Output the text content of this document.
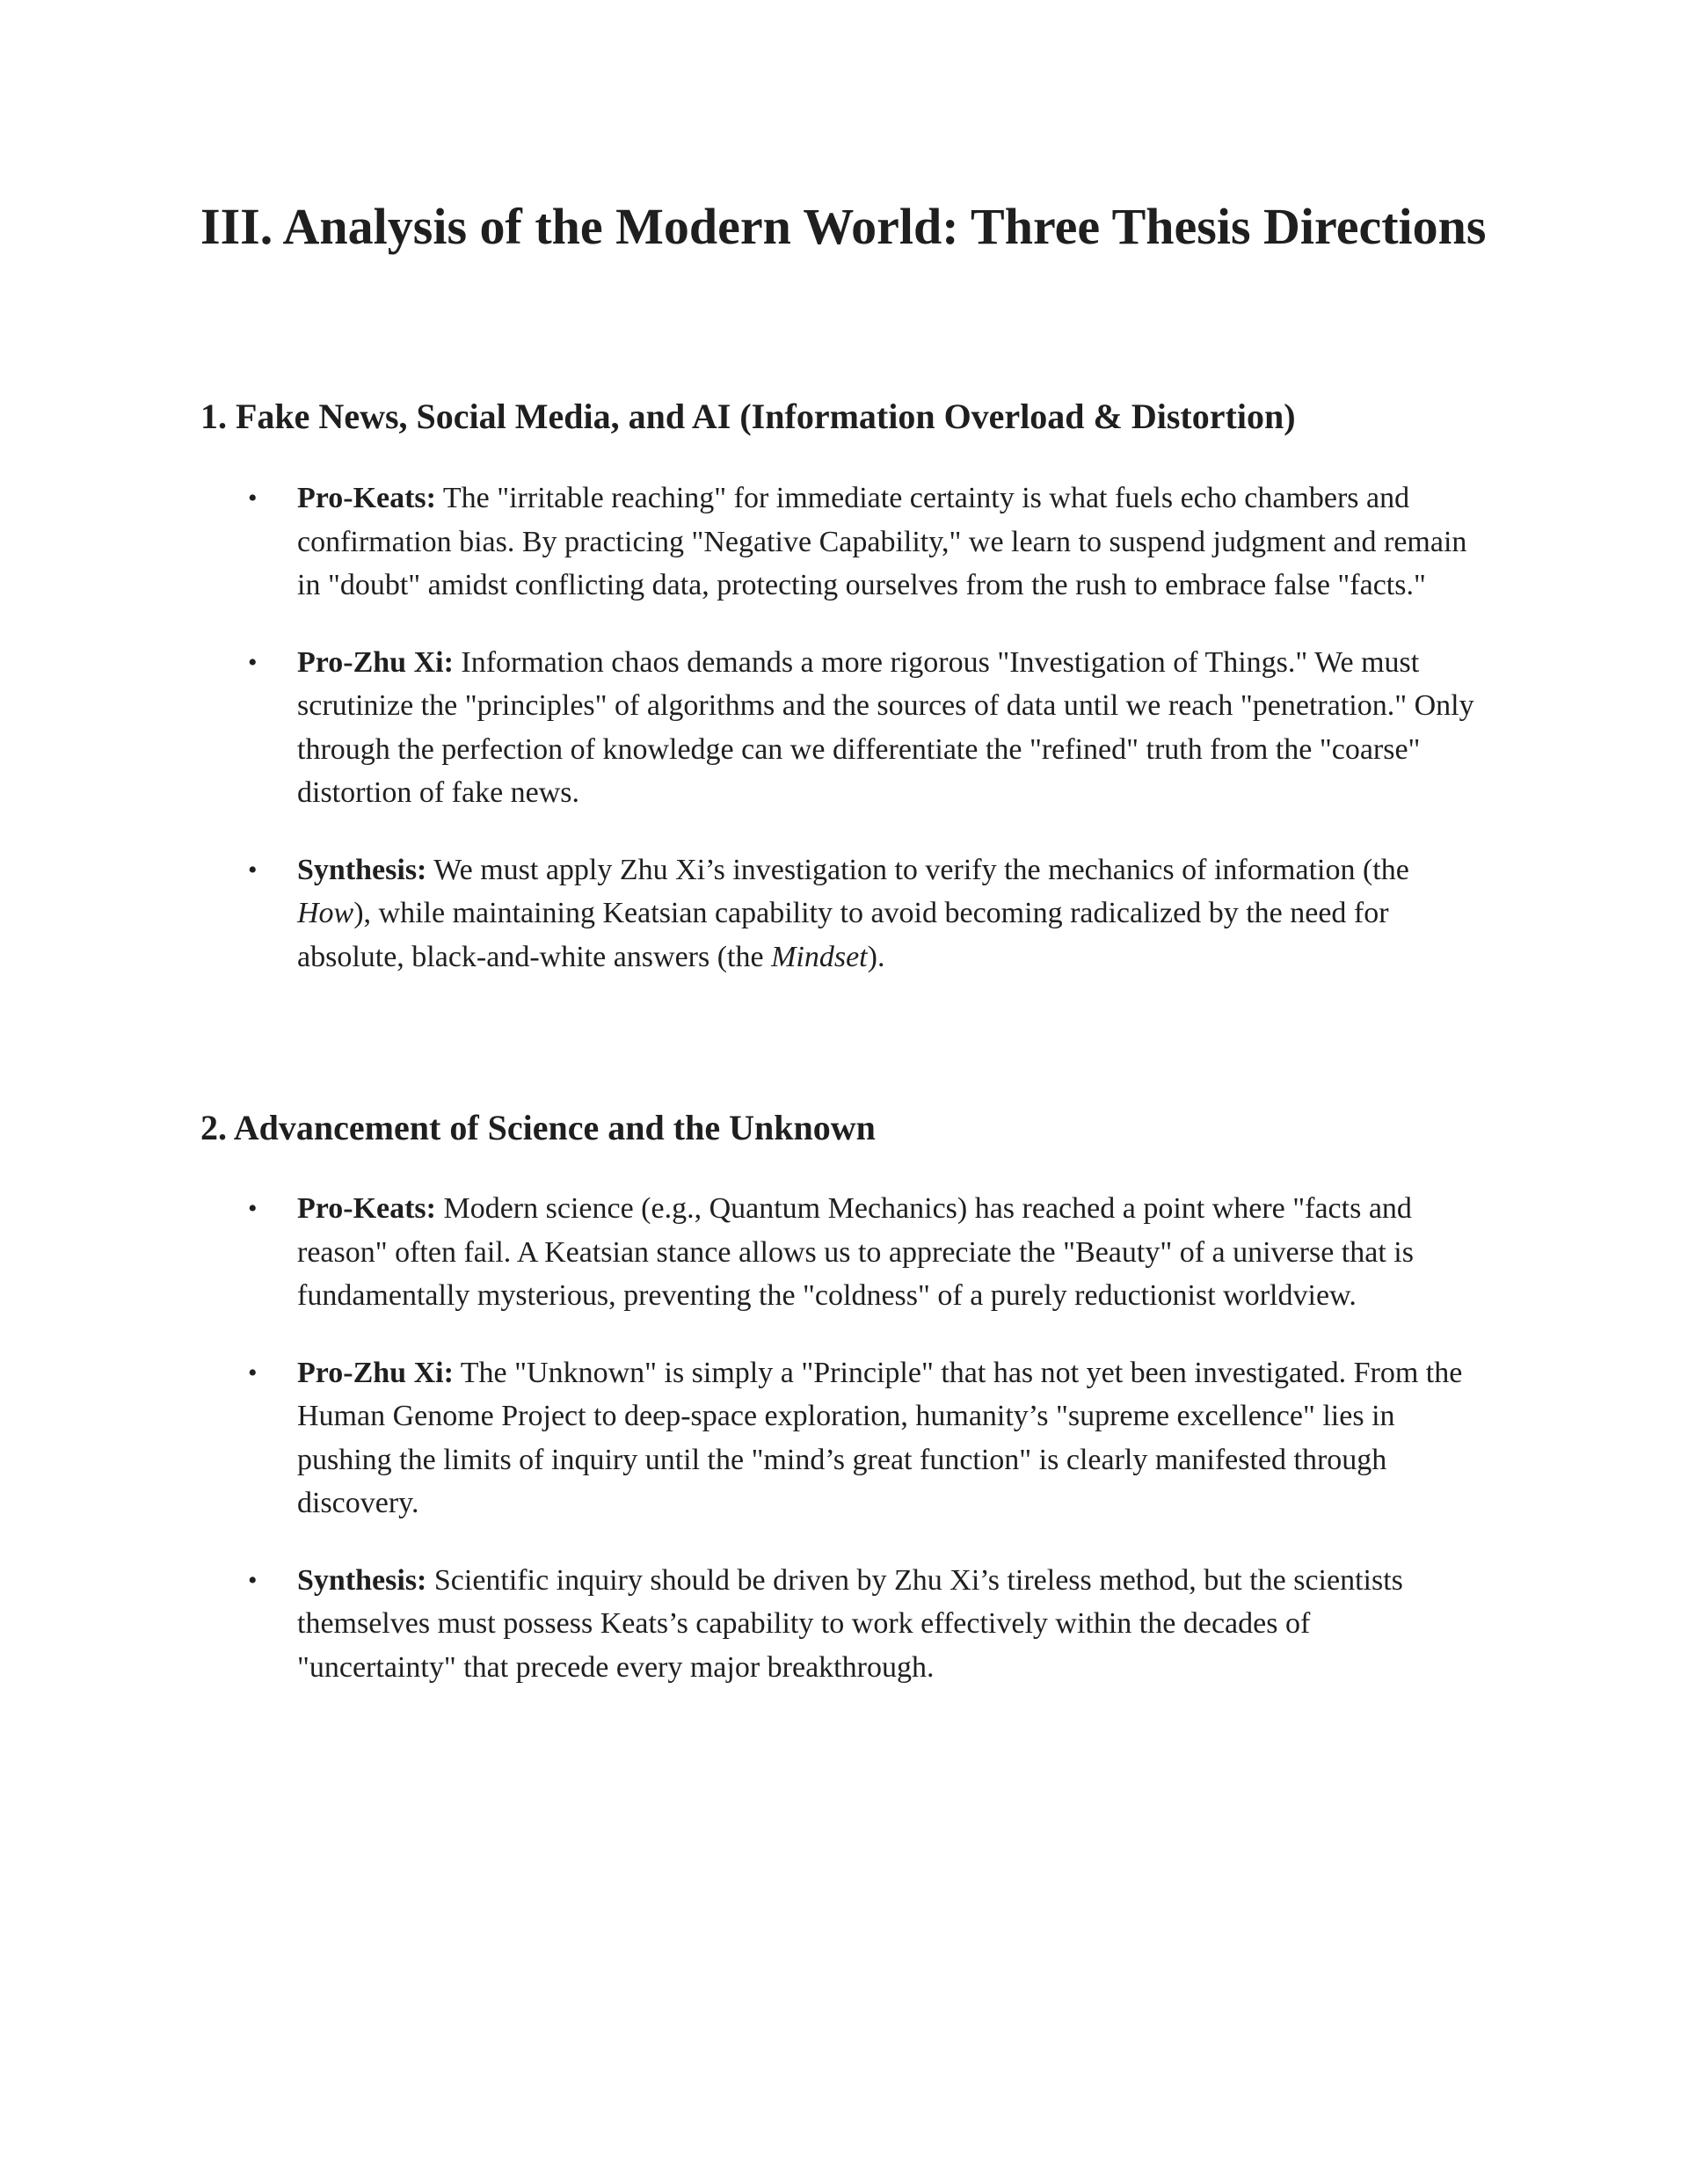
III. Analysis of the Modern World: Three Thesis Directions
1. Fake News, Social Media, and AI (Information Overload & Distortion)
• Pro-Keats: The "irritable reaching" for immediate certainty is what fuels echo chambers and confirmation bias. By practicing "Negative Capability," we learn to suspend judgment and remain in "doubt" amidst conflicting data, protecting ourselves from the rush to embrace false "facts."
• Pro-Zhu Xi: Information chaos demands a more rigorous "Investigation of Things." We must scrutinize the "principles" of algorithms and the sources of data until we reach "penetration." Only through the perfection of knowledge can we differentiate the "refined" truth from the "coarse" distortion of fake news.
• Synthesis: We must apply Zhu Xi’s investigation to verify the mechanics of information (the How), while maintaining Keatsian capability to avoid becoming radicalized by the need for absolute, black-and-white answers (the Mindset).
2. Advancement of Science and the Unknown
• Pro-Keats: Modern science (e.g., Quantum Mechanics) has reached a point where "facts and reason" often fail. A Keatsian stance allows us to appreciate the "Beauty" of a universe that is fundamentally mysterious, preventing the "coldness" of a purely reductionist worldview.
• Pro-Zhu Xi: The "Unknown" is simply a "Principle" that has not yet been investigated. From the Human Genome Project to deep-space exploration, humanity’s "supreme excellence" lies in pushing the limits of inquiry until the "mind’s great function" is clearly manifested through discovery.
• Synthesis: Scientific inquiry should be driven by Zhu Xi’s tireless method, but the scientists themselves must possess Keats’s capability to work effectively within the decades of "uncertainty" that precede every major breakthrough.
